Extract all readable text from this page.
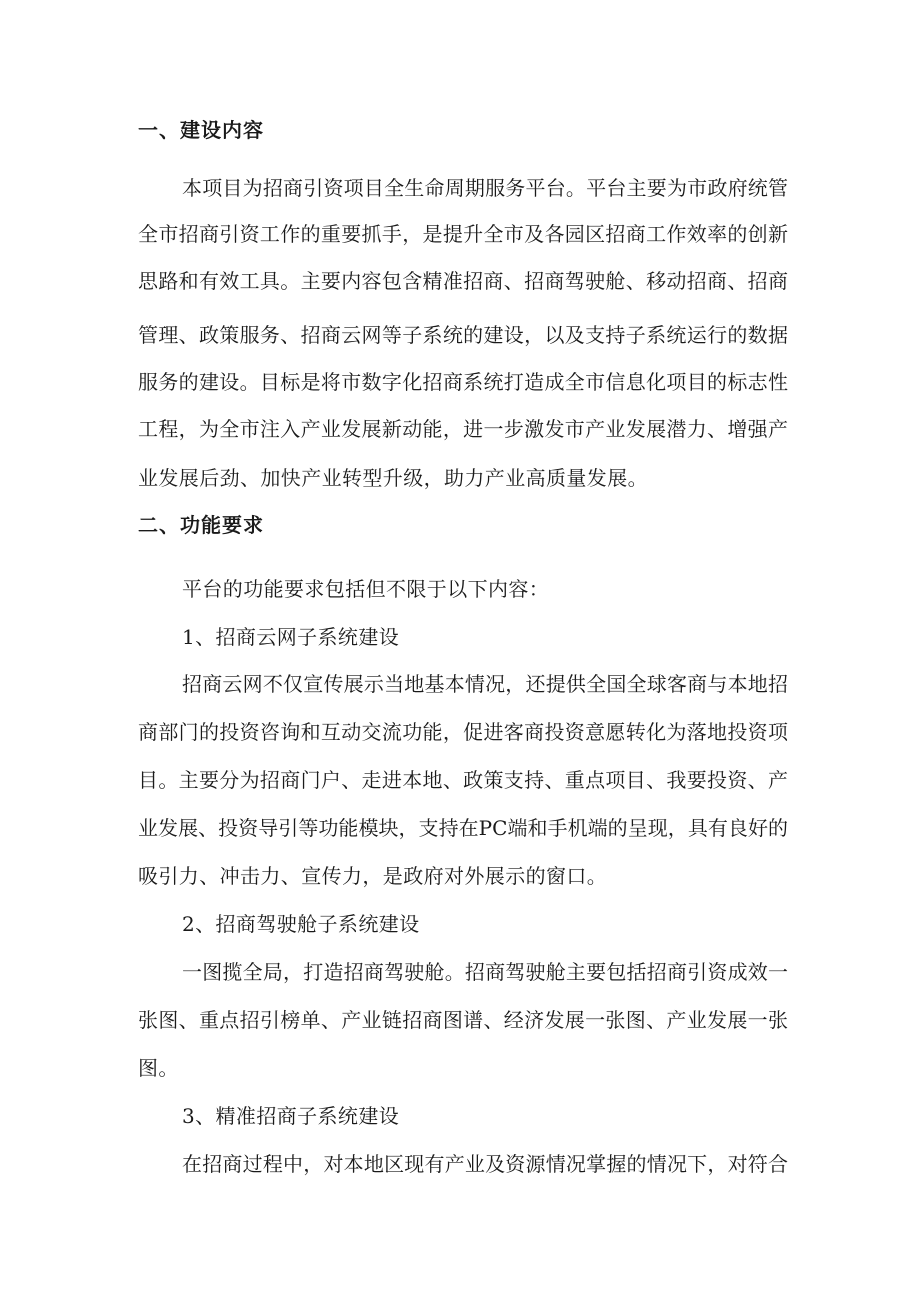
一、建设内容
本项目为招商引资项目全生命周期服务平台。平台主要为市政府统管
全市招商引资工作的重要抓手，是提升全市及各园区招商工作效率的创新
思路和有效工具。主要内容包含精准招商、招商驾驶舱、移动招商、招商
管理、政策服务、招商云网等子系统的建设，以及支持子系统运行的数据
服务的建设。目标是将市数字化招商系统打造成全市信息化项目的标志性
工程，为全市注入产业发展新动能，进一步激发市产业发展潜力、增强产
业发展后劲、加快产业转型升级，助力产业高质量发展。
二、功能要求
平台的功能要求包括但不限于以下内容：
1、招商云网子系统建设
招商云网不仅宣传展示当地基本情况，还提供全国全球客商与本地招
商部门的投资咨询和互动交流功能，促进客商投资意愿转化为落地投资项
目。主要分为招商门户、走进本地、政策支持、重点项目、我要投资、产
业发展、投资导引等功能模块，支持在PC端和手机端的呈现，具有良好的
吸引力、冲击力、宣传力，是政府对外展示的窗口。
2、招商驾驶舱子系统建设
一图揽全局，打造招商驾驶舱。招商驾驶舱主要包括招商引资成效一
张图、重点招引榜单、产业链招商图谱、经济发展一张图、产业发展一张
图。
3、精准招商子系统建设
在招商过程中，对本地区现有产业及资源情况掌握的情况下，对符合
